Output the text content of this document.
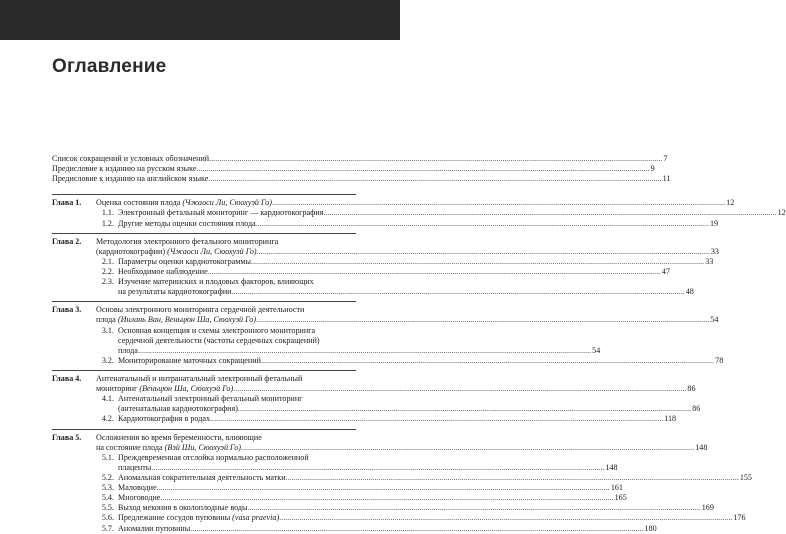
Оглавление
Список сокращений и условных обозначений .....	7
Предисловие к изданию на русском языке .....	9
Предисловие к изданию на английском языке .....	11
Глава 1.	Оценка состояния плода (Чжаоси Ли, Сюохуэй Го) .....	12
1.1. Электронный фетальный мониторинг — кардиотокография .....	12
1.2. Другие методы оценки состояния плода .....	19
Глава 2.	Методология электронного фетального мониторинга
(кардиотокографии) (Чжаоси Ли, Сюохуэй Го) .....	33
2.1. Параметры оценки кардиотокограммы .....	33
2.2. Необходимое наблюдение .....	47
2.3. Изучение материнских и плодовых факторов, влияющих
на результаты кардиотокографии .....	48
Глава 3.	Основы электронного мониторинга сердечной деятельности
плода (Инлань Ван, Веньцюн Ша, Сюохуэй Го) .....	54
3.1. Основная концепция и схемы электронного мониторинга
сердечной деятельности (частоты сердечных сокращений)
плода .....	54
3.2. Мониторирование маточных сокращений .....	78
Глава 4.	Антенатальный и интранатальный электронный фетальный
мониторинг (Веньцюн Ша, Сюохуэй Го) .....	86
4.1. Антенатальный электронный фетальный мониторинг
(антенатальная кардиотокография) .....	86
4.2. Кардиотокография в родах .....	118
Глава 5.	Осложнения во время беременности, влияющие
на состояние плода (Вэй Ши, Сюохуэй Го) .....	148
5.1. Преждевременная отслойка нормально расположенной
плаценты .....	148
5.2. Аномальная сократительная деятельность матки .....	155
5.3. Маловодие .....	161
5.4. Многоводие .....	165
5.5. Выход мекония в околоплодные воды .....	169
5.6. Предлежание сосудов пуповины (vasa praevia) .....	176
5.7. Аномалии пуповины .....	180
